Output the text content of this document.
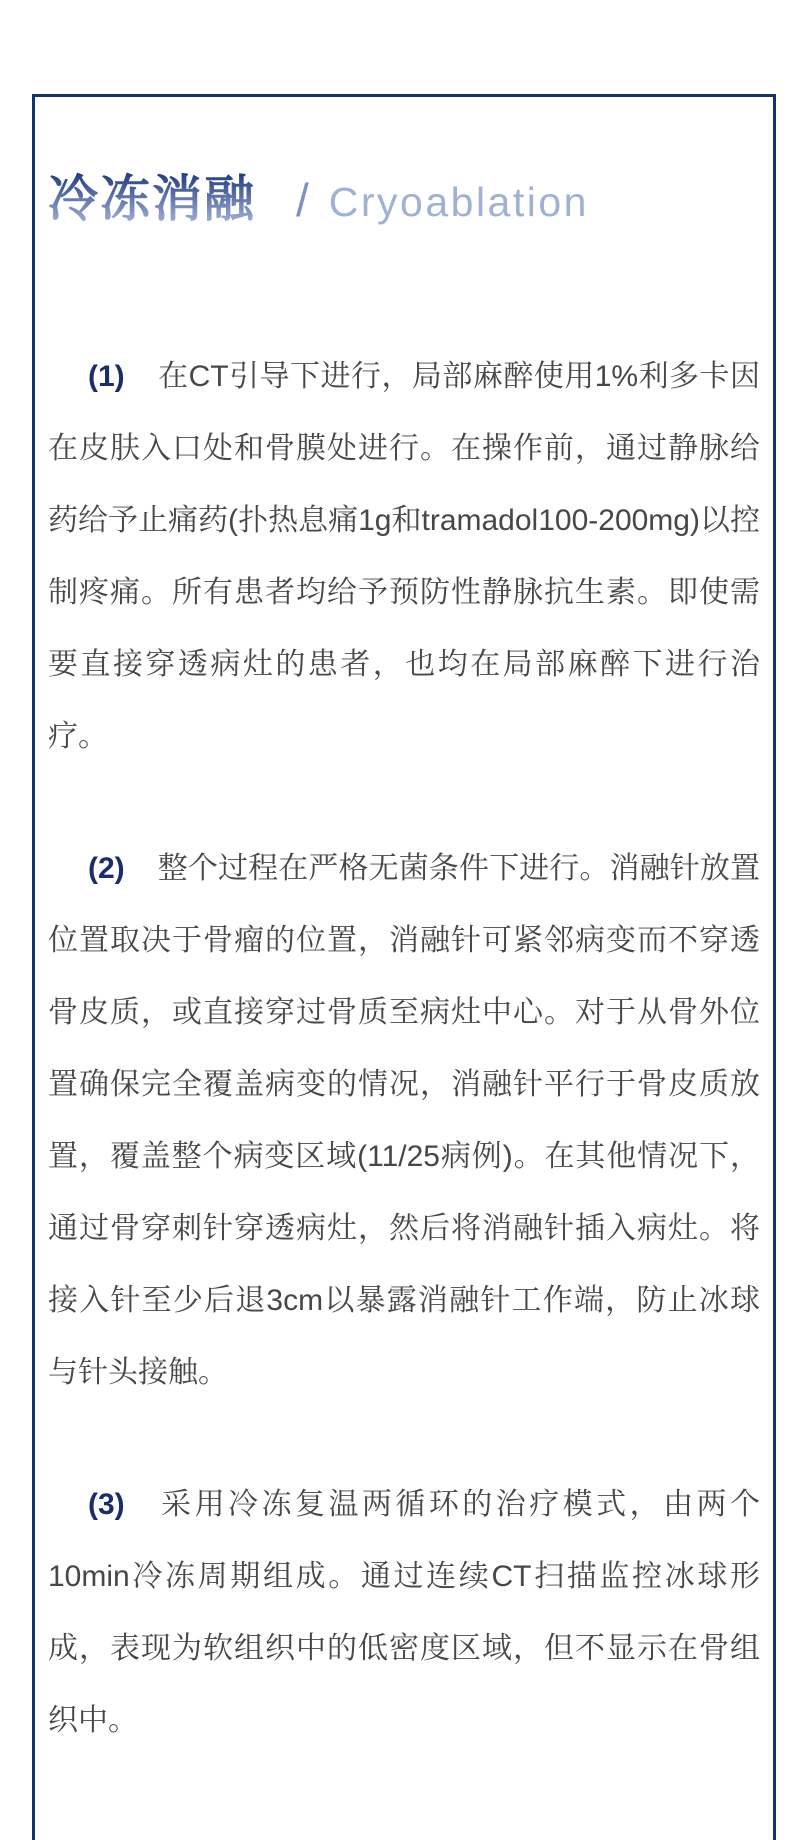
冷冻消融 / Cryoablation

(1) 在CT引导下进行，局部麻醉使用1%利多卡因在皮肤入口处和骨膜处进行。在操作前，通过静脉给药给予止痛药(扑热息痛1g和tramadol100-200mg)以控制疼痛。所有患者均给予预防性静脉抗生素。即使需要直接穿透病灶的患者，也均在局部麻醉下进行治疗。

(2) 整个过程在严格无菌条件下进行。消融针放置位置取决于骨瘤的位置，消融针可紧邻病变而不穿透骨皮质，或直接穿过骨质至病灶中心。对于从骨外位置确保完全覆盖病变的情况，消融针平行于骨皮质放置，覆盖整个病变区域(11/25病例)。在其他情况下，通过骨穿刺针穿透病灶，然后将消融针插入病灶。将接入针至少后退3cm以暴露消融针工作端，防止冰球与针头接触。

(3) 采用冷冻复温两循环的治疗模式，由两个10min冷冻周期组成。通过连续CT扫描监控冰球形成，表现为软组织中的低密度区域，但不显示在骨组织中。
